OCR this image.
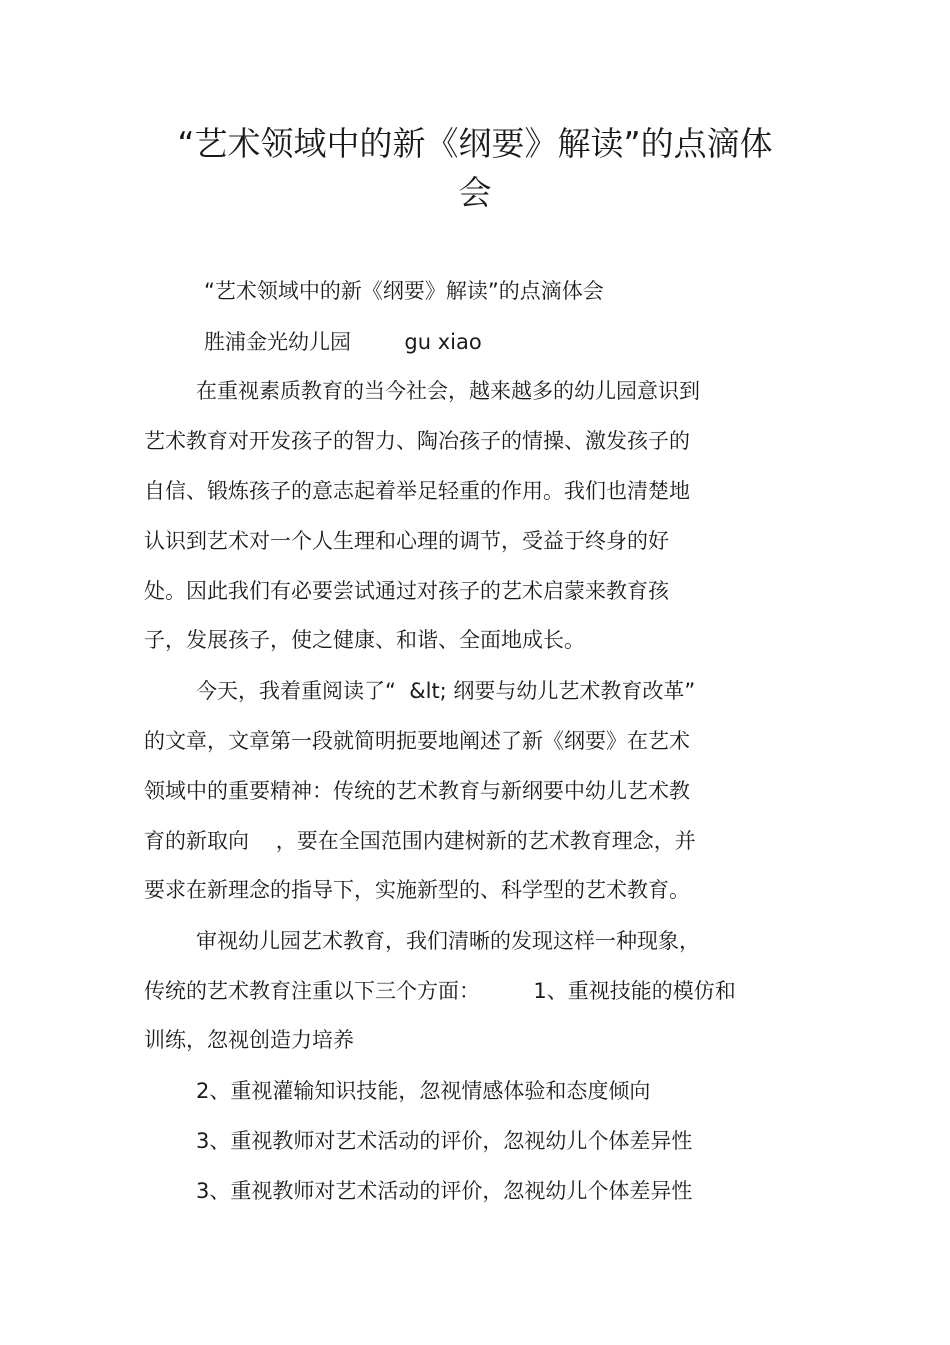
“艺术领域中的新《纲要》解读”的点滴体
会

“艺术领域中的新《纲要》解读”的点滴体会

胜浦金光幼儿园        gu xiao

在重视素质教育的当今社会，越来越多的幼儿园意识到

艺术教育对开发孩子的智力、陶冶孩子的情操、激发孩子的

自信、锻炼孩子的意志起着举足轻重的作用。我们也清楚地

认识到艺术对一个人生理和心理的调节，受益于终身的好

处。因此我们有必要尝试通过对孩子的艺术启蒙来教育孩

子，发展孩子，使之健康、和谐、全面地成长。

今天，我着重阅读了“  &lt; 纲要与幼儿艺术教育改革”

的文章，文章第一段就简明扼要地阐述了新《纲要》在艺术

领域中的重要精神：传统的艺术教育与新纲要中幼儿艺术教

育的新取向    ，要在全国范围内建树新的艺术教育理念，并

要求在新理念的指导下，实施新型的、科学型的艺术教育。

审视幼儿园艺术教育，我们清晰的发现这样一种现象，

传统的艺术教育注重以下三个方面：        1、重视技能的模仿和

训练，忽视创造力培养

2、重视灌输知识技能，忽视情感体验和态度倾向

3、重视教师对艺术活动的评价，忽视幼儿个体差异性

3、重视教师对艺术活动的评价，忽视幼儿个体差异性
